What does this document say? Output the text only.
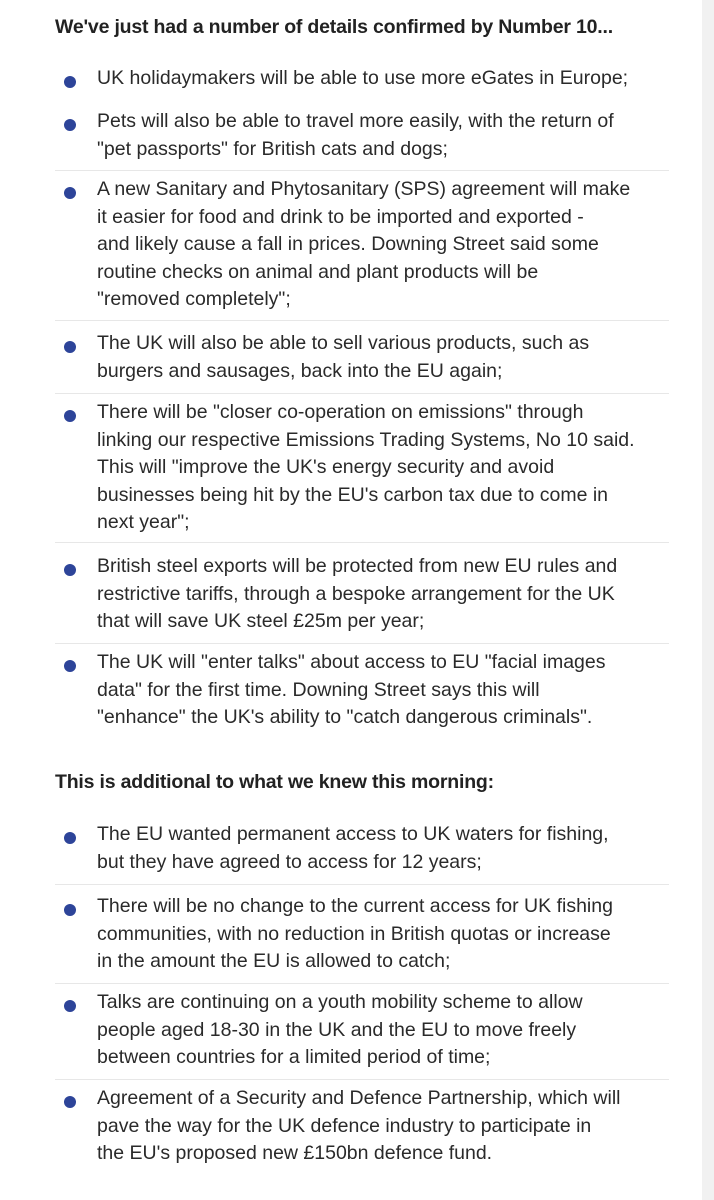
We've just had a number of details confirmed by Number 10...
UK holidaymakers will be able to use more eGates in Europe;
Pets will also be able to travel more easily, with the return of
"pet passports" for British cats and dogs;
A new Sanitary and Phytosanitary (SPS) agreement will make
it easier for food and drink to be imported and exported -
and likely cause a fall in prices. Downing Street said some
routine checks on animal and plant products will be
"removed completely";
The UK will also be able to sell various products, such as
burgers and sausages, back into the EU again;
There will be "closer co-operation on emissions" through
linking our respective Emissions Trading Systems, No 10 said.
This will "improve the UK's energy security and avoid
businesses being hit by the EU's carbon tax due to come in
next year";
British steel exports will be protected from new EU rules and
restrictive tariffs, through a bespoke arrangement for the UK
that will save UK steel £25m per year;
The UK will "enter talks" about access to EU "facial images
data" for the first time. Downing Street says this will
"enhance" the UK's ability to "catch dangerous criminals".
This is additional to what we knew this morning:
The EU wanted permanent access to UK waters for fishing,
but they have agreed to access for 12 years;
There will be no change to the current access for UK fishing
communities, with no reduction in British quotas or increase
in the amount the EU is allowed to catch;
Talks are continuing on a youth mobility scheme to allow
people aged 18-30 in the UK and the EU to move freely
between countries for a limited period of time;
Agreement of a Security and Defence Partnership, which will
pave the way for the UK defence industry to participate in
the EU's proposed new £150bn defence fund.
